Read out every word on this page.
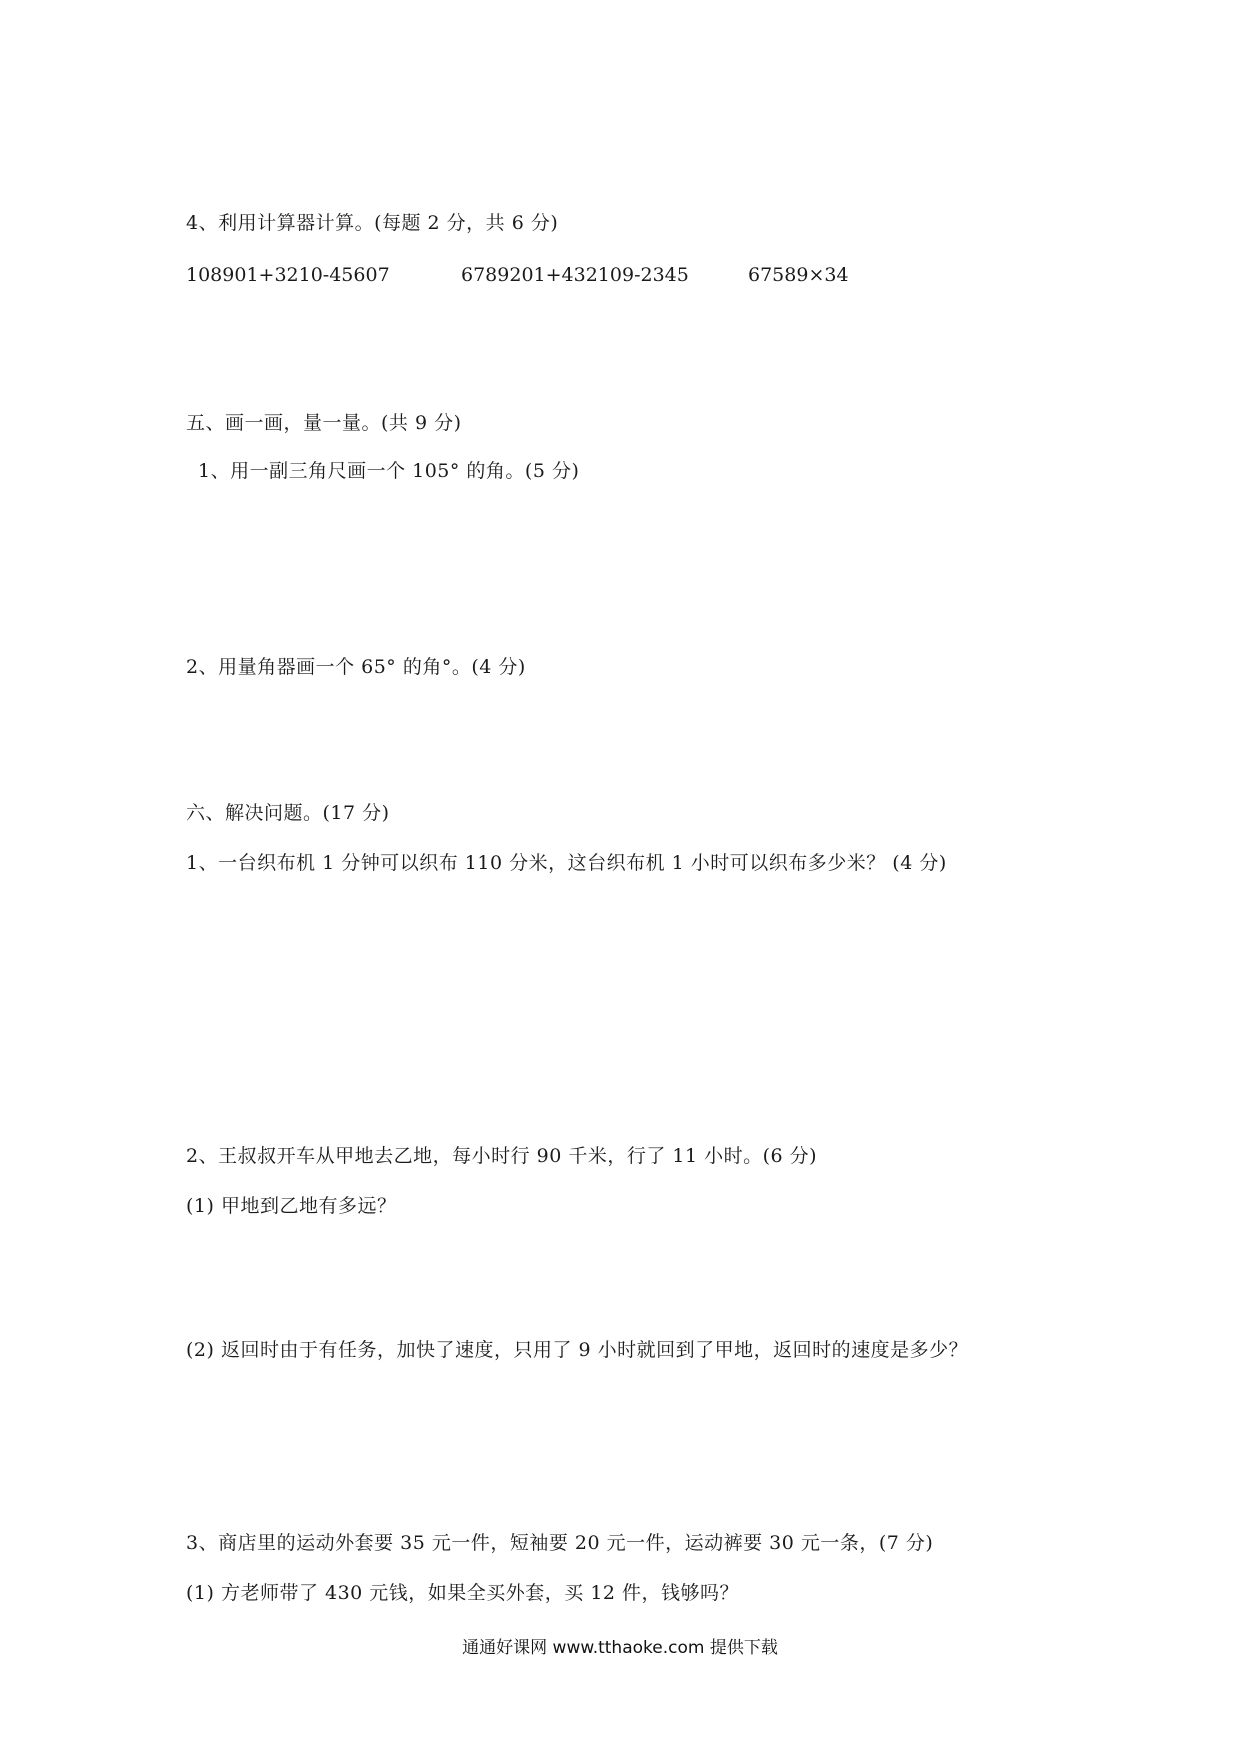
4、利用计算器计算。(每题 2 分，共 6 分)
108901+3210-45607	6789201+432109-2345	67589×34
五、画一画，量一量。(共 9 分)
1、用一副三角尺画一个 105° 的角。(5 分)
2、用量角器画一个 65° 的角°。(4 分)
六、解决问题。(17 分)
1、一台织布机 1 分钟可以织布 110 分米，这台织布机 1 小时可以织布多少米？ (4 分)
2、王叔叔开车从甲地去乙地，每小时行 90 千米，行了 11 小时。(6 分)
(1) 甲地到乙地有多远？
(2) 返回时由于有任务，加快了速度，只用了 9 小时就回到了甲地，返回时的速度是多少？
3、商店里的运动外套要 35 元一件，短袖要 20 元一件，运动裤要 30 元一条，(7 分)
(1) 方老师带了 430 元钱，如果全买外套，买 12 件，钱够吗？
通通好课网 www.tthaoke.com 提供下载
